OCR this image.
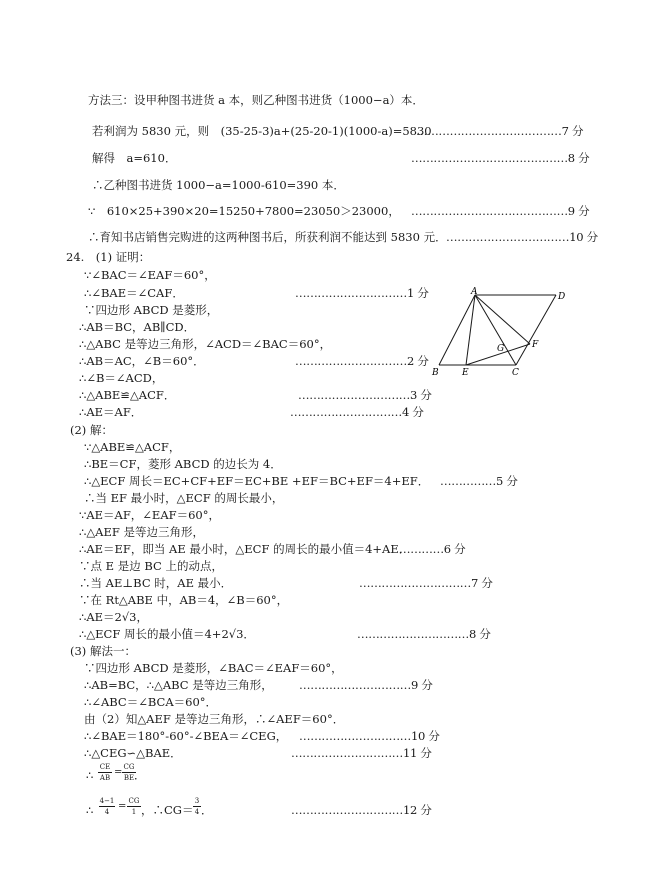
方法三：设甲种图书进货 a 本，则乙种图书进货（1000−a）本．
若利润为 5830 元，则　(35-25-3)a+(25-20-1)(1000-a)=5830
…………………………………7 分
解得　a=610．	……………………………………8 分
∴乙种图书进货 1000−a=1000-610=390 本．
∵　610×25+390×20=15250+7800=23050＞23000， ……………………………………9 分
∴育知书店销售完购进的这两种图书后，所获利润不能达到 5830 元． ……………………………10 分
24.　(1) 证明：
∵∠BAC＝∠EAF＝60°，
∴∠BAE＝∠CAF．	…………………………1 分
∵四边形 ABCD 是菱形，
∴AB＝BC，AB∥CD．
∴△ABC 是等边三角形，∠ACD＝∠BAC＝60°，
∴AB＝AC，∠B＝60°．	…………………………2 分
∴∠B＝∠ACD，
∴△ABE≌△ACF．	…………………………3 分
∴AE＝AF．	…………………………4 分
A	D
B	E	C
F
G
(2) 解：
∵△ABE≌△ACF，
∴BE＝CF，菱形 ABCD 的边长为 4．
∴△ECF 周长＝EC+CF+EF＝EC+BE +EF＝BC+EF＝4+EF． ……………5 分
∴当 EF 最小时，△ECF 的周长最小，
∵AE＝AF，∠EAF＝60°，
∴△AEF 是等边三角形，
∴AE＝EF，即当 AE 最小时，△ECF 的周长的最小值＝4+AE．
…………6 分
∵点 E 是边 BC 上的动点，
∴当 AE⊥BC 时，AE 最小．	…………………………7 分
∵在 Rt△ABE 中，AB＝4，∠B＝60°，
∴AE＝2√3，
∴△ECF 周长的最小值＝4+2√3．	…………………………8 分
(3) 解法一：
∵四边形 ABCD 是菱形，∠BAC＝∠EAF＝60°，
∴AB=BC，∴△ABC 是等边三角形， …………………………9 分
∴∠ABC＝∠BCA＝60°．
由（2）知△AEF 是等边三角形，∴∠AEF＝60°．
∴∠BAE＝180°-60°-∠BEA＝∠CEG， …………………………10 分
∴△CEG∽△BAE．	…………………………11 分
∴
CE
AB = CG
BE ．
∴
4−1
4 = CG
1 ，∴CG＝
3
4 ．	…………………………12 分
